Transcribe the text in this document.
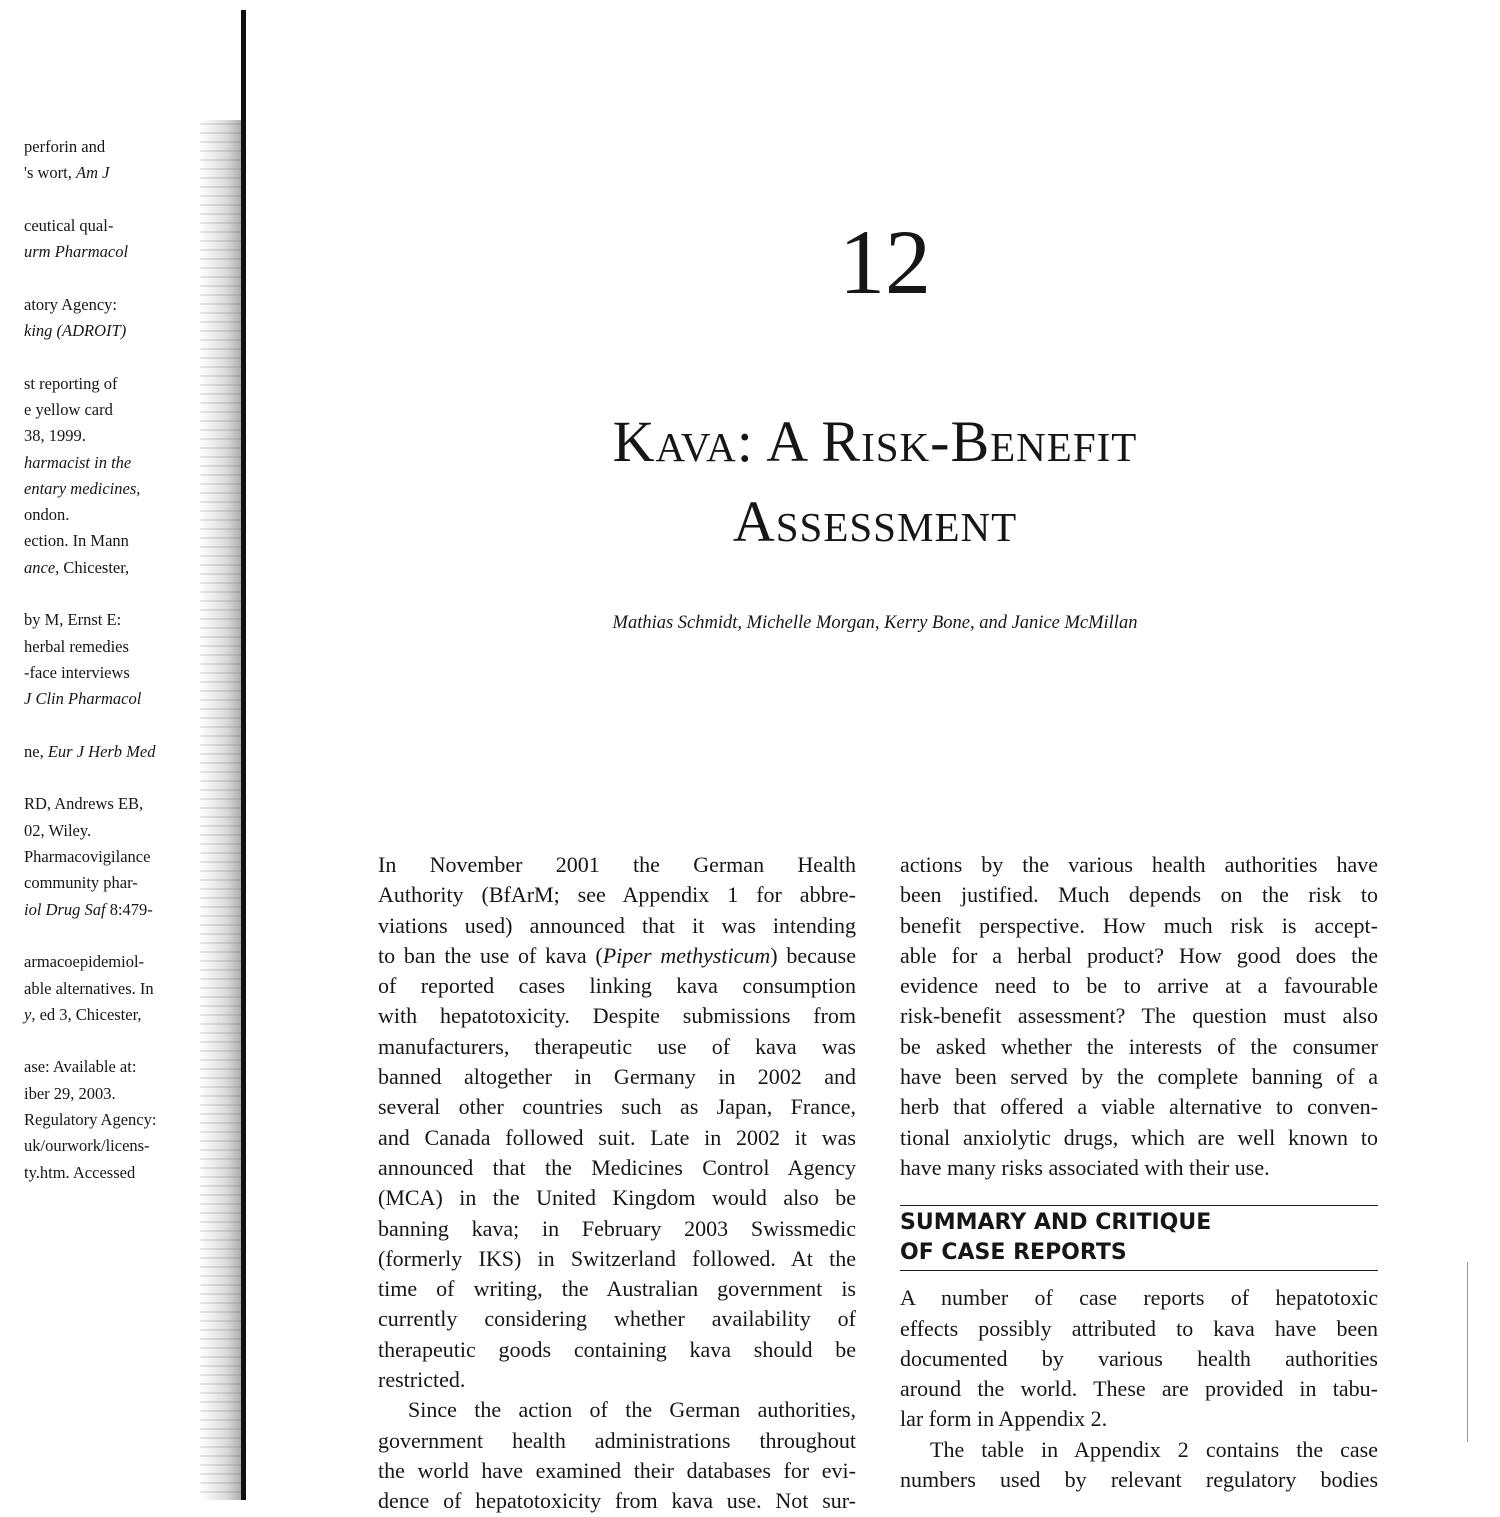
perforin and
's wort, Am J
ceutical qual-
urm Pharmacol
atory Agency:
king (ADROIT)
st reporting of
e yellow card
38, 1999.
harmacist in the
entary medicines,
ondon.
ection. In Mann
ance, Chicester,
by M, Ernst E:
herbal remedies
-face interviews
J Clin Pharmacol
ne, Eur J Herb Med
RD, Andrews EB,
02, Wiley.
Pharmacovigilance
community phar-
iol Drug Saf 8:479-
armacoepidemiol-
able alternatives. In
y, ed 3, Chicester,
ase: Available at:
iber 29, 2003.
Regulatory Agency:
uk/ourwork/licens-
ty.htm. Accessed
12
Kava: A Risk-Benefit
Assessment
Mathias Schmidt, Michelle Morgan, Kerry Bone, and Janice McMillan
In November 2001 the German Health
Authority (BfArM; see Appendix 1 for abbre-
viations used) announced that it was intending
to ban the use of kava (Piper methysticum) because
of reported cases linking kava consumption
with hepatotoxicity. Despite submissions from
manufacturers, therapeutic use of kava was
banned altogether in Germany in 2002 and
several other countries such as Japan, France,
and Canada followed suit. Late in 2002 it was
announced that the Medicines Control Agency
(MCA) in the United Kingdom would also be
banning kava; in February 2003 Swissmedic
(formerly IKS) in Switzerland followed. At the
time of writing, the Australian government is
currently considering whether availability of
therapeutic goods containing kava should be
restricted.
Since the action of the German authorities,
government health administrations throughout
the world have examined their databases for evi-
dence of hepatotoxicity from kava use. Not sur-
actions by the various health authorities have
been justified. Much depends on the risk to
benefit perspective. How much risk is accept-
able for a herbal product? How good does the
evidence need to be to arrive at a favourable
risk-benefit assessment? The question must also
be asked whether the interests of the consumer
have been served by the complete banning of a
herb that offered a viable alternative to conven-
tional anxiolytic drugs, which are well known to
have many risks associated with their use.
SUMMARY AND CRITIQUE
OF CASE REPORTS
A number of case reports of hepatotoxic
effects possibly attributed to kava have been
documented by various health authorities
around the world. These are provided in tabu-
lar form in Appendix 2.
The table in Appendix 2 contains the case
numbers used by relevant regulatory bodies
